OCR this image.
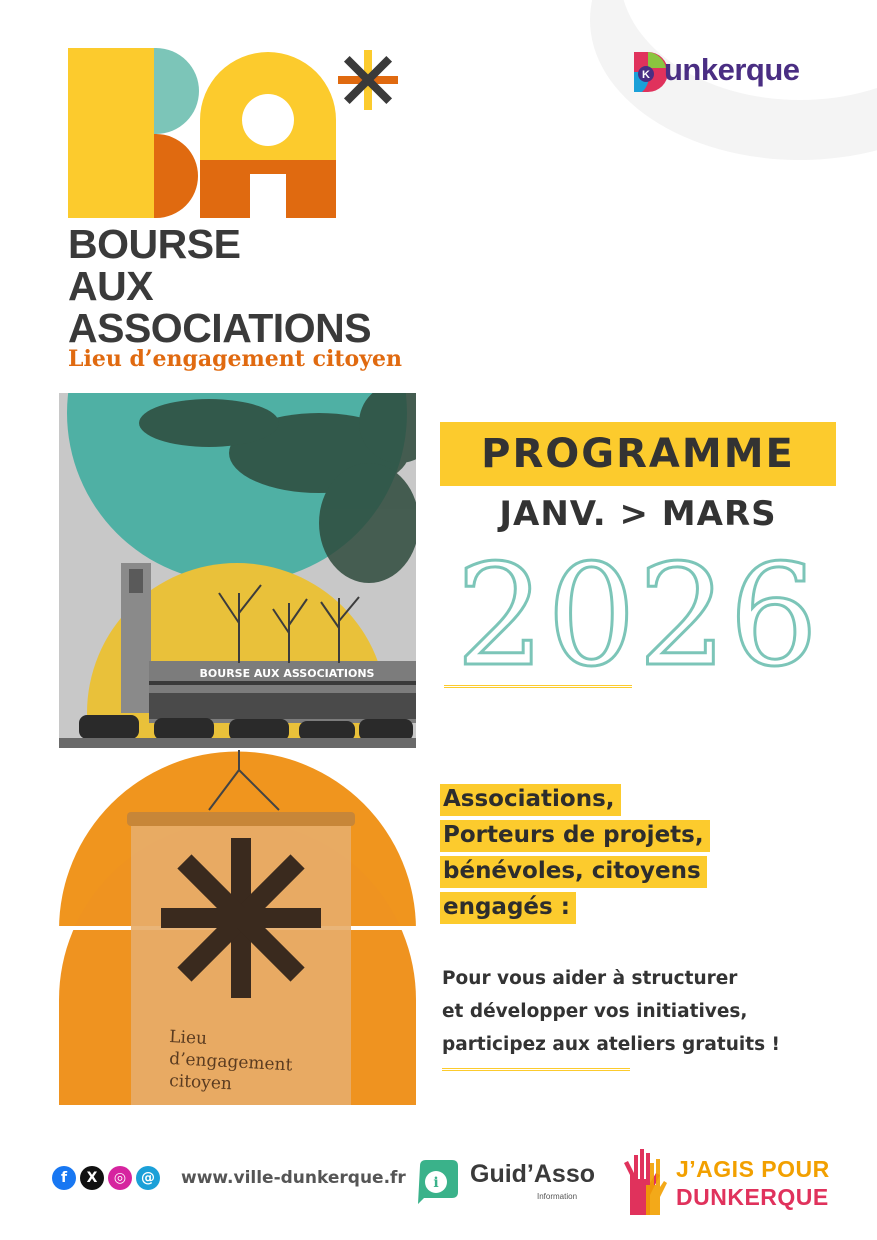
BOURSE

AUX

ASSOCIATIONS

Lieu d’engagement citoyen

K unkerque
BOURSE AUX ASSOCIATIONS
Lieu
d’engagement
citoyen

PROGRAMME

JANV. > MARS

2026
Associations,
Porteurs de projets,
bénévoles, citoyens
engagés :
Pour vous aider à structurer
et développer vos initiatives,
participez aux ateliers gratuits !
f	X	◎	@ www.ville-dunkerque.fr i Guid’Asso

Information

J’AGIS POUR

DUNKERQUE
